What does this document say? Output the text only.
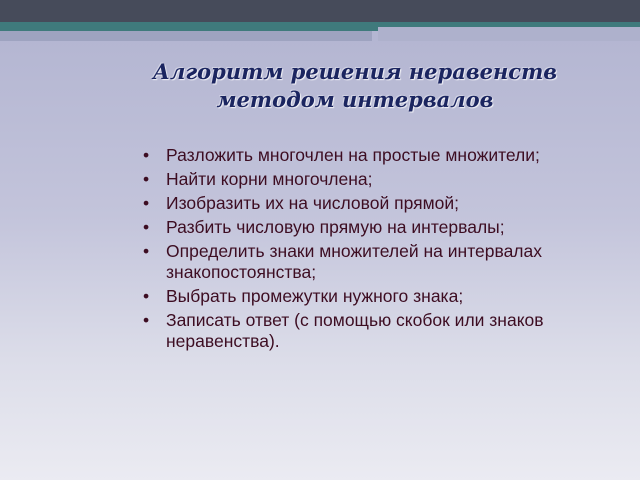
Алгоритм решения неравенств
методом интервалов
• Разложить многочлен на простые множители;
• Найти корни многочлена;
• Изобразить их на числовой прямой;
• Разбить числовую прямую на интервалы;
• Определить знаки множителей на интервалах знакопостоянства;
• Выбрать промежутки нужного знака;
• Записать ответ (с помощью скобок или знаков неравенства).
